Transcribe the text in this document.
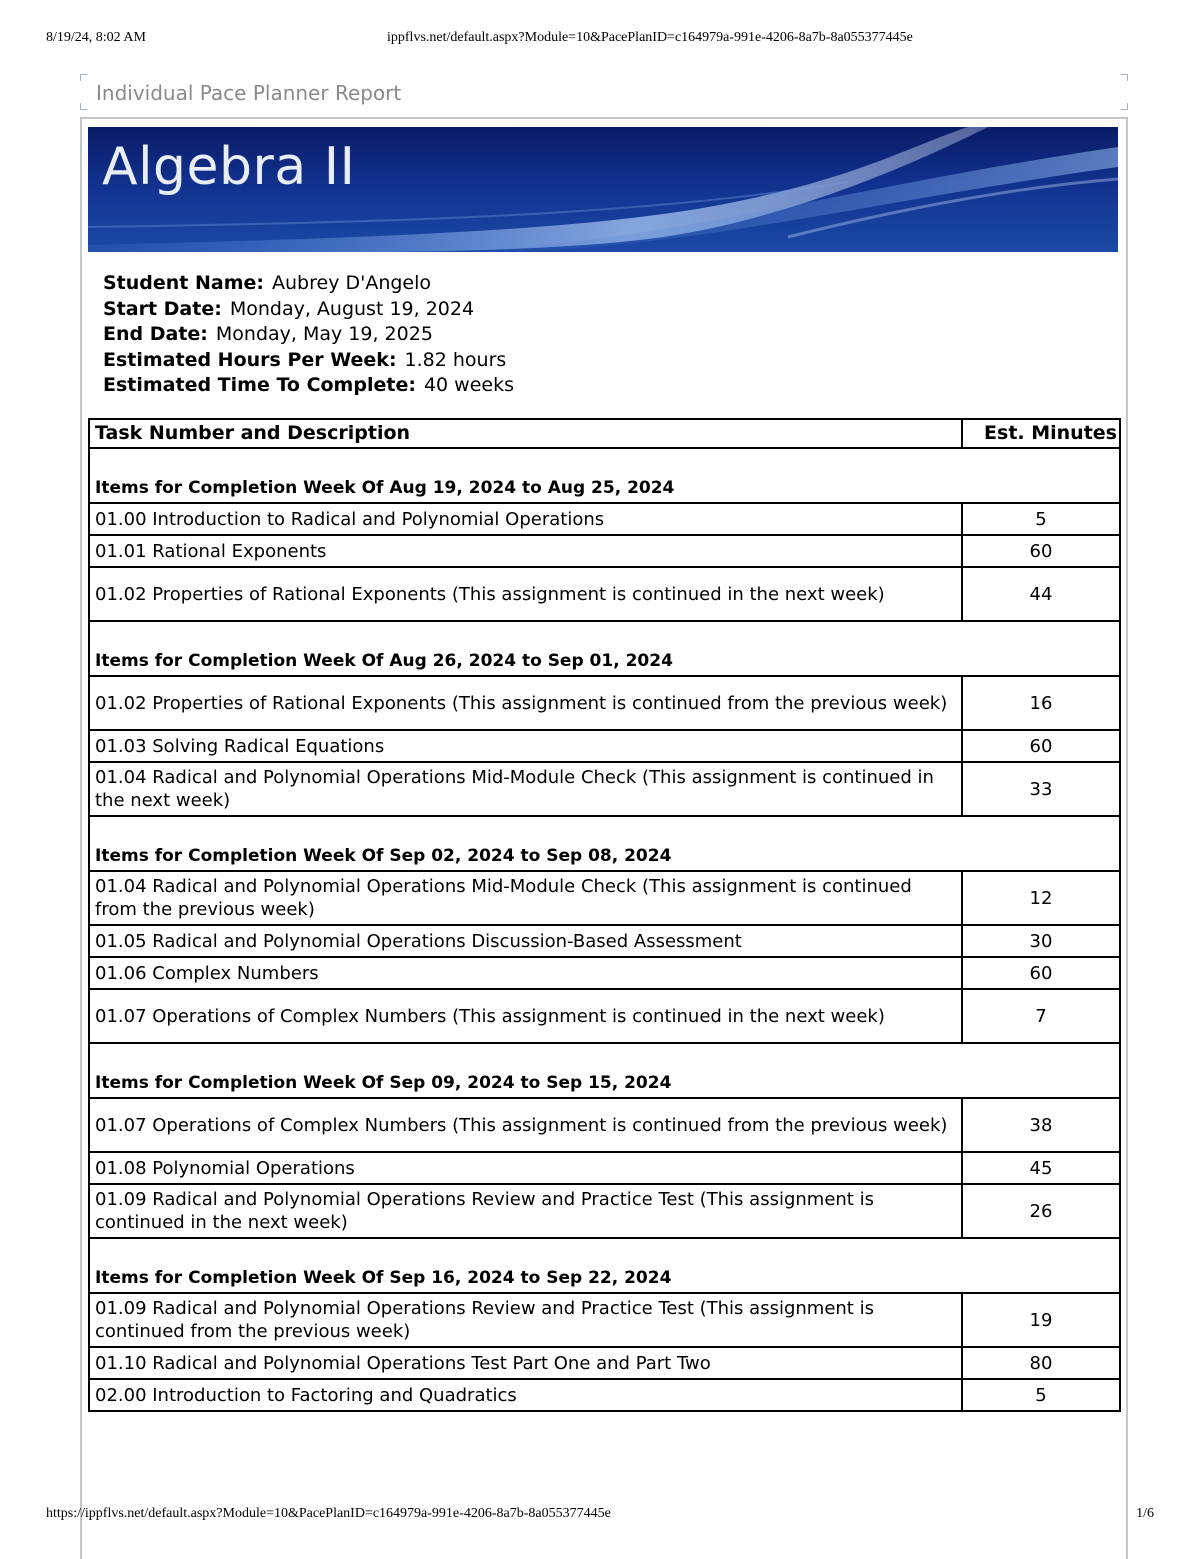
8/19/24, 8:02 AM	ippflvs.net/default.aspx?Module=10&PacePlanID=c164979a-991e-4206-8a7b-8a055377445e
Individual Pace Planner Report
Algebra II
Student Name: Aubrey D'Angelo
Start Date: Monday, August 19, 2024
End Date: Monday, May 19, 2025
Estimated Hours Per Week: 1.82 hours
Estimated Time To Complete: 40 weeks
Task Number and Description	Est. Minutes
Items for Completion Week Of Aug 19, 2024 to Aug 25, 2024	
01.00 Introduction to Radical and Polynomial Operations	5
01.01 Rational Exponents	60
01.02 Properties of Rational Exponents (This assignment is continued in the next week)	44
Items for Completion Week Of Aug 26, 2024 to Sep 01, 2024	
01.02 Properties of Rational Exponents (This assignment is continued from the previous week)	16
01.03 Solving Radical Equations	60
01.04 Radical and Polynomial Operations Mid-Module Check (This assignment is continued in the next week)	33
Items for Completion Week Of Sep 02, 2024 to Sep 08, 2024	
01.04 Radical and Polynomial Operations Mid-Module Check (This assignment is continued from the previous week)	12
01.05 Radical and Polynomial Operations Discussion-Based Assessment	30
01.06 Complex Numbers	60
01.07 Operations of Complex Numbers (This assignment is continued in the next week)	7
Items for Completion Week Of Sep 09, 2024 to Sep 15, 2024	
01.07 Operations of Complex Numbers (This assignment is continued from the previous week)	38
01.08 Polynomial Operations	45
01.09 Radical and Polynomial Operations Review and Practice Test (This assignment is continued in the next week)	26
Items for Completion Week Of Sep 16, 2024 to Sep 22, 2024	
01.09 Radical and Polynomial Operations Review and Practice Test (This assignment is continued from the previous week)	19
01.10 Radical and Polynomial Operations Test Part One and Part Two	80
02.00 Introduction to Factoring and Quadratics	5
https://ippflvs.net/default.aspx?Module=10&PacePlanID=c164979a-991e-4206-8a7b-8a055377445e	1/6
